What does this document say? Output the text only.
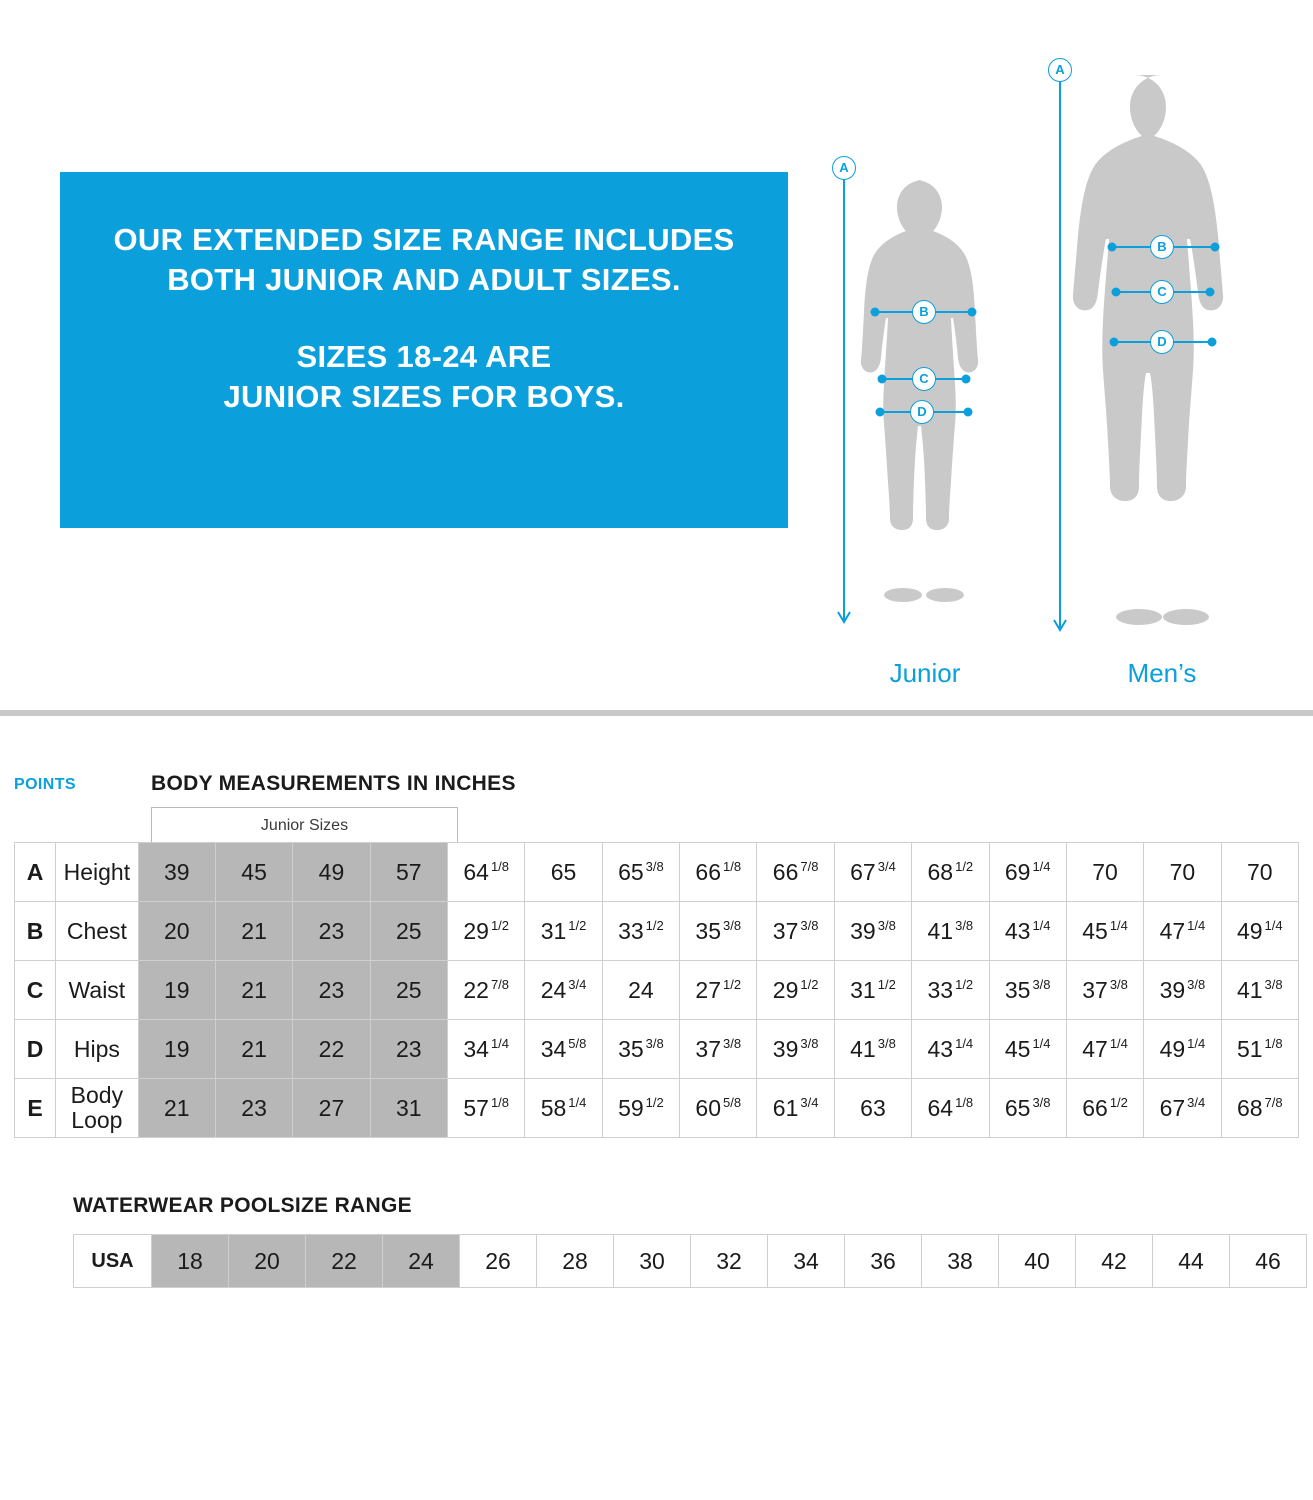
OUR EXTENDED SIZE RANGE INCLUDES
BOTH JUNIOR AND ADULT SIZES.
SIZES 18-24 ARE
JUNIOR SIZES FOR BOYS.
A
A
B
C
D
B
C
D
Junior	Men’s
POINTS	BODY MEASUREMENTS IN INCHES
Junior Sizes
A	Height	39	45	49	57	64 $^{1/8}$	65	65 $^{3/8}$	66 $^{1/8}$	66 $^{7/8}$	67 $^{3/4}$	68 $^{1/2}$	69 $^{1/4}$	70	70	70
B	Chest	20	21	23	25	29 $^{1/2}$	31 $^{1/2}$	33 $^{1/2}$	35 $^{3/8}$	37 $^{3/8}$	39 $^{3/8}$	41 $^{3/8}$	43 $^{1/4}$	45 $^{1/4}$	47 $^{1/4}$	49 $^{1/4}$
C	Waist	19	21	23	25	22 $^{7/8}$	24 $^{3/4}$	24	27 $^{1/2}$	29 $^{1/2}$	31 $^{1/2}$	33 $^{1/2}$	35 $^{3/8}$	37 $^{3/8}$	39 $^{3/8}$	41 $^{3/8}$
D	Hips	19	21	22	23	34 $^{1/4}$	34 $^{5/8}$	35 $^{3/8}$	37 $^{3/8}$	39 $^{3/8}$	41 $^{3/8}$	43 $^{1/4}$	45 $^{1/4}$	47 $^{1/4}$	49 $^{1/4}$	51 $^{1/8}$
E	Body Loop	21	23	27	31	57 $^{1/8}$	58 $^{1/4}$	59 $^{1/2}$	60 $^{5/8}$	61 $^{3/4}$	63	64 $^{1/8}$	65 $^{3/8}$	66 $^{1/2}$	67 $^{3/4}$	68 $^{7/8}$
WATERWEAR POOLSIZE RANGE
USA	18	20	22	24	26	28	30	32	34	36	38	40	42	44	46
